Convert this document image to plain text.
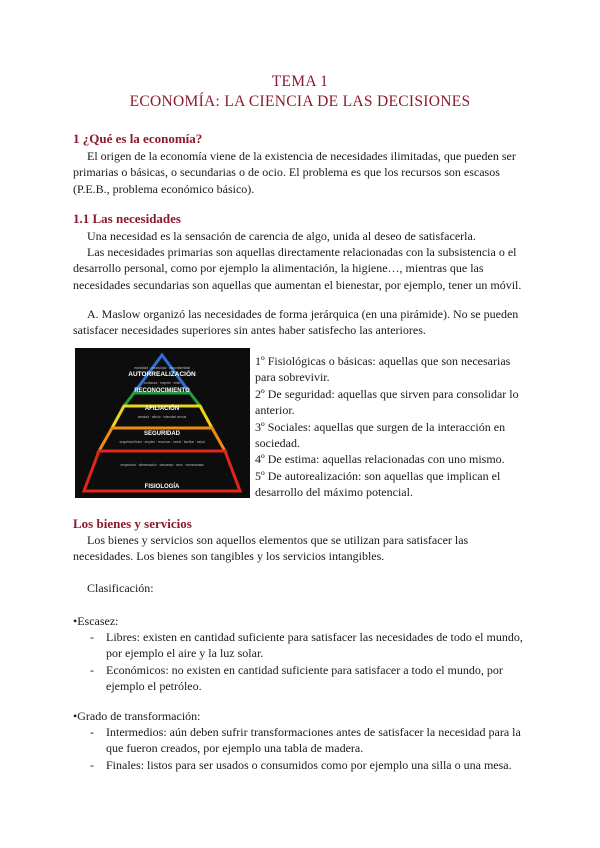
TEMA 1
ECONOMÍA: LA CIENCIA DE LAS DECISIONES
1 ¿Qué es la economía?
El origen de la economía viene de la existencia de necesidades ilimitadas, que pueden ser primarias o básicas, o secundarias o de ocio. El problema es que los recursos son escasos (P.E.B., problema económico básico).
1.1 Las necesidades
Una necesidad es la sensación de carencia de algo, unida al deseo de satisfacerla.
Las necesidades primarias son aquellas directamente relacionadas con la subsistencia o el desarrollo personal, como por ejemplo la alimentación, la higiene…, mientras que las necesidades secundarias son aquellas que aumentan el bienestar, por ejemplo, tener un móvil.
A. Maslow organizó las necesidades de forma jerárquica (en una pirámide). No se pueden satisfacer necesidades superiores sin antes haber satisfecho las anteriores.
AUTORREALIZACIÓN
RECONOCIMIENTO
AFILIACIÓN
SEGURIDAD
FISIOLOGÍA
moralidad · creatividad · espontaneidad
confianza · respeto · éxito
amistad · afecto · intimidad sexual
seguridad física · empleo · recursos · moral · familiar · salud
respiración · alimentación · descanso · sexo · homeostasis
1º Fisiológicas o básicas: aquellas que son necesarias para sobrevivir.
2º De seguridad: aquellas que sirven para consolidar lo anterior.
3º Sociales: aquellas que surgen de la interacción en sociedad.
4º De estima: aquellas relacionadas con uno mismo.
5º De autorealización: son aquellas que implican el desarrollo del máximo potencial.
Los bienes y servicios
Los bienes y servicios son aquellos elementos que se utilizan para satisfacer las necesidades. Los bienes son tangibles y los servicios intangibles.
Clasificación:
•Escasez:
- Libres: existen en cantidad suficiente para satisfacer las necesidades de todo el mundo, por ejemplo el aire y la luz solar.
- Económicos: no existen en cantidad suficiente para satisfacer a todo el mundo, por ejemplo el petróleo.
•Grado de transformación:
- Intermedios: aún deben sufrir transformaciones antes de satisfacer la necesidad para la que fueron creados, por ejemplo una tabla de madera.
- Finales: listos para ser usados o consumidos como por ejemplo una silla o una mesa.
